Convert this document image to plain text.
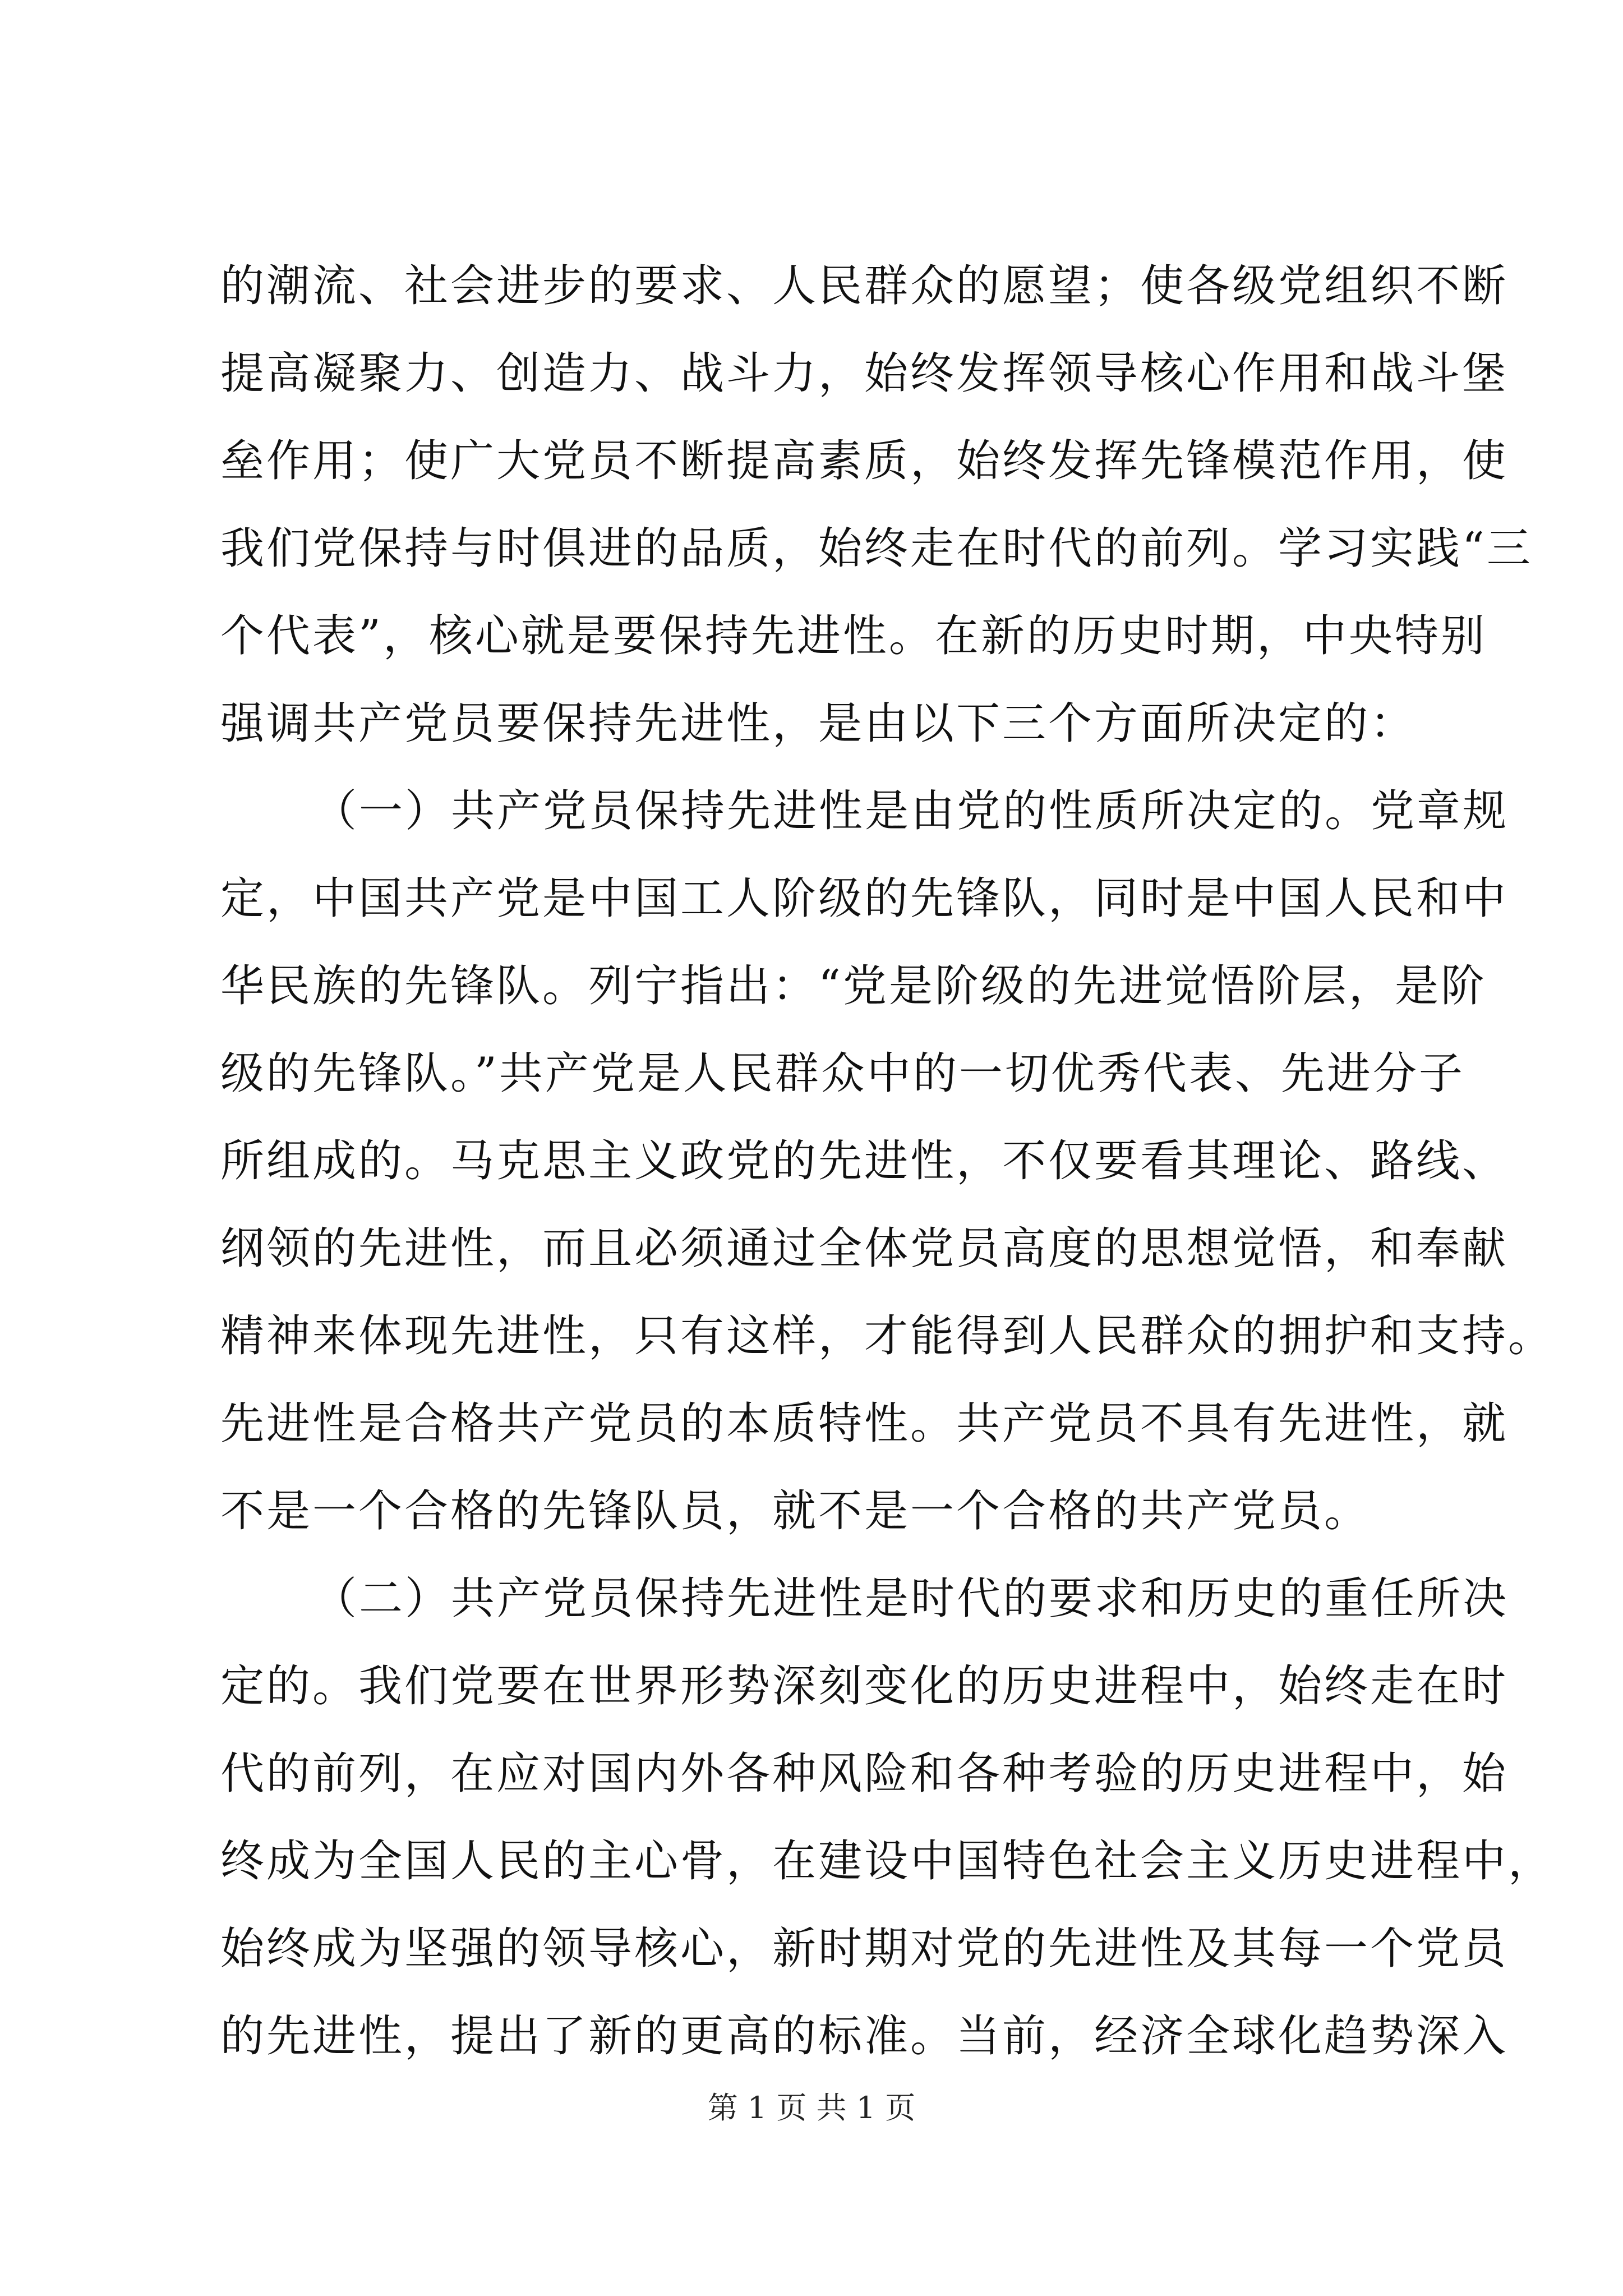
的潮流、社会进步的要求、人民群众的愿望；使各级党组织不断
提高凝聚力、创造力、战斗力，始终发挥领导核心作用和战斗堡
垒作用；使广大党员不断提高素质，始终发挥先锋模范作用，使
我们党保持与时俱进的品质，始终走在时代的前列。学习实践“三
个代表”，核心就是要保持先进性。在新的历史时期，中央特别
强调共产党员要保持先进性，是由以下三个方面所决定的：
（一）共产党员保持先进性是由党的性质所决定的。党章规
定，中国共产党是中国工人阶级的先锋队，同时是中国人民和中
华民族的先锋队。列宁指出：“党是阶级的先进觉悟阶层，是阶
级的先锋队。”共产党是人民群众中的一切优秀代表、先进分子
所组成的。马克思主义政党的先进性，不仅要看其理论、路线、
纲领的先进性，而且必须通过全体党员高度的思想觉悟，和奉献
精神来体现先进性，只有这样，才能得到人民群众的拥护和支持。
先进性是合格共产党员的本质特性。共产党员不具有先进性，就
不是一个合格的先锋队员，就不是一个合格的共产党员。
（二）共产党员保持先进性是时代的要求和历史的重任所决
定的。我们党要在世界形势深刻变化的历史进程中，始终走在时
代的前列，在应对国内外各种风险和各种考验的历史进程中，始
终成为全国人民的主心骨，在建设中国特色社会主义历史进程中，
始终成为坚强的领导核心，新时期对党的先进性及其每一个党员
的先进性，提出了新的更高的标准。当前，经济全球化趋势深入
第 1 页 共 1 页
